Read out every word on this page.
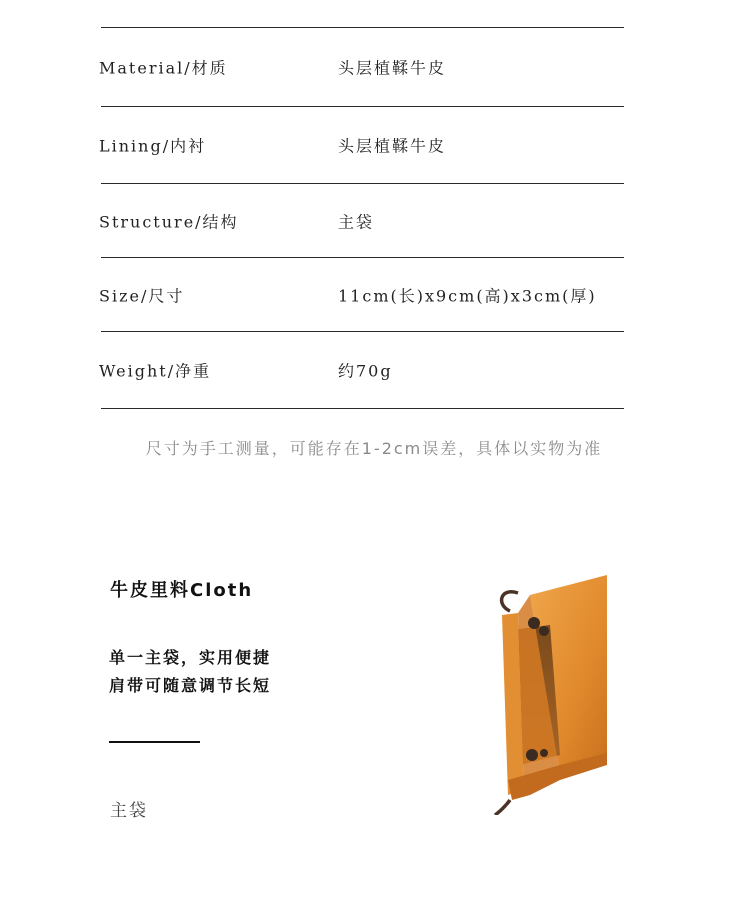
Material/材质	头层植鞣牛皮
Lining/内衬	头层植鞣牛皮
Structure/结构	主袋
Size/尺寸	11cm(长)x9cm(高)x3cm(厚)
Weight/净重	约70g
尺寸为手工测量，可能存在1-2cm误差，具体以实物为准
牛皮里料Cloth
单一主袋，实用便捷
肩带可随意调节长短
主袋
